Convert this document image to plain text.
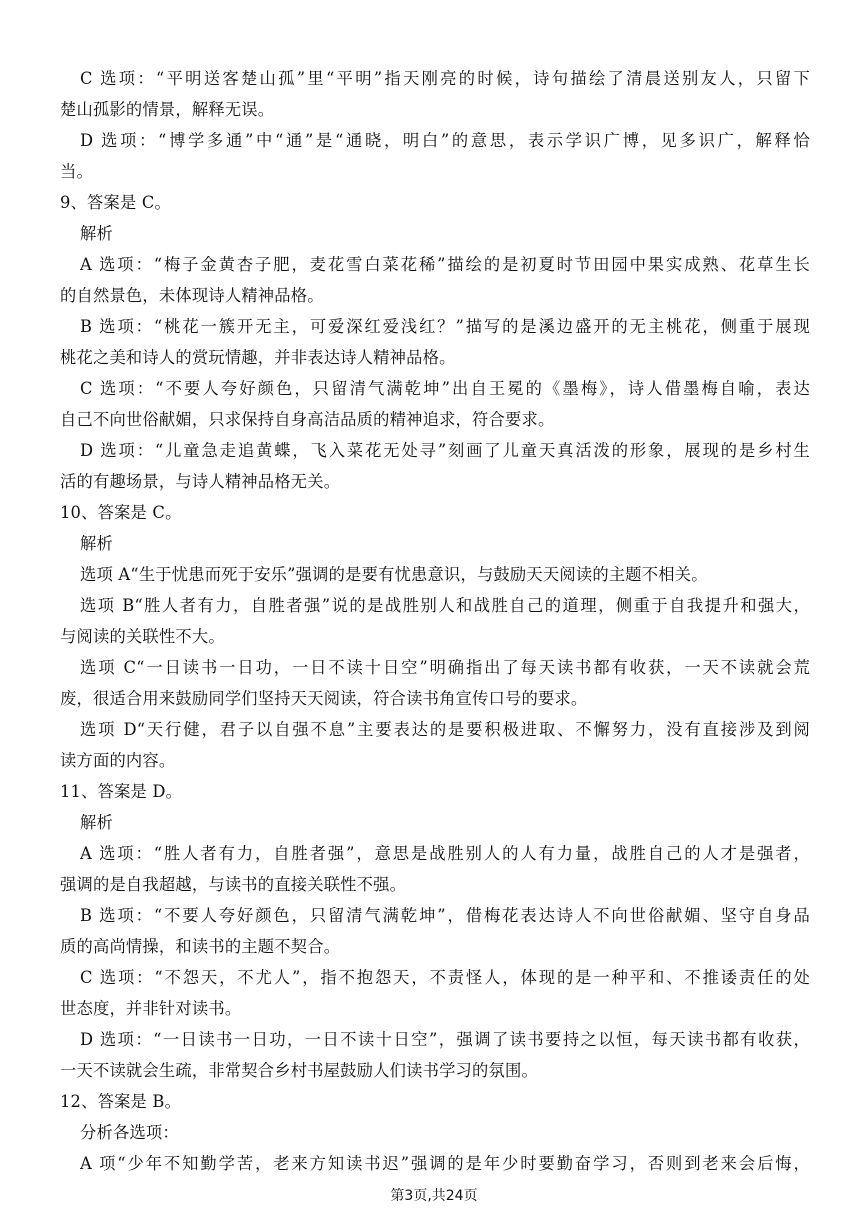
C 选项：“平明送客楚山孤”里“平明”指天刚亮的时候，诗句描绘了清晨送别友人，只留下
楚山孤影的情景，解释无误。
D 选项：“博学多通”中“通”是“通晓，明白”的意思，表示学识广博，见多识广，解释恰
当。
9、答案是 C。
解析
A 选项：“梅子金黄杏子肥，麦花雪白菜花稀”描绘的是初夏时节田园中果实成熟、花草生长
的自然景色，未体现诗人精神品格。
B 选项：“桃花一簇开无主，可爱深红爱浅红？”描写的是溪边盛开的无主桃花，侧重于展现
桃花之美和诗人的赏玩情趣，并非表达诗人精神品格。
C 选项：“不要人夸好颜色，只留清气满乾坤”出自王冕的《墨梅》，诗人借墨梅自喻，表达
自己不向世俗献媚，只求保持自身高洁品质的精神追求，符合要求。
D 选项：“儿童急走追黄蝶，飞入菜花无处寻”刻画了儿童天真活泼的形象，展现的是乡村生
活的有趣场景，与诗人精神品格无关。
10、答案是 C。
解析
选项 A“生于忧患而死于安乐”强调的是要有忧患意识，与鼓励天天阅读的主题不相关。
选项 B“胜人者有力，自胜者强”说的是战胜别人和战胜自己的道理，侧重于自我提升和强大，
与阅读的关联性不大。
选项 C“一日读书一日功，一日不读十日空”明确指出了每天读书都有收获，一天不读就会荒
废，很适合用来鼓励同学们坚持天天阅读，符合读书角宣传口号的要求。
选项 D“天行健，君子以自强不息”主要表达的是要积极进取、不懈努力，没有直接涉及到阅
读方面的内容。
11、答案是 D。
解析
A 选项：“胜人者有力，自胜者强”，意思是战胜别人的人有力量，战胜自己的人才是强者，
强调的是自我超越，与读书的直接关联性不强。
B 选项：“不要人夸好颜色，只留清气满乾坤”，借梅花表达诗人不向世俗献媚、坚守自身品
质的高尚情操，和读书的主题不契合。
C 选项：“不怨天，不尤人”，指不抱怨天，不责怪人，体现的是一种平和、不推诿责任的处
世态度，并非针对读书。
D 选项：“一日读书一日功，一日不读十日空”，强调了读书要持之以恒，每天读书都有收获，
一天不读就会生疏，非常契合乡村书屋鼓励人们读书学习的氛围。
12、答案是 B。
分析各选项：
A 项“少年不知勤学苦，老来方知读书迟”强调的是年少时要勤奋学习，否则到老来会后悔，
第3页,共24页
